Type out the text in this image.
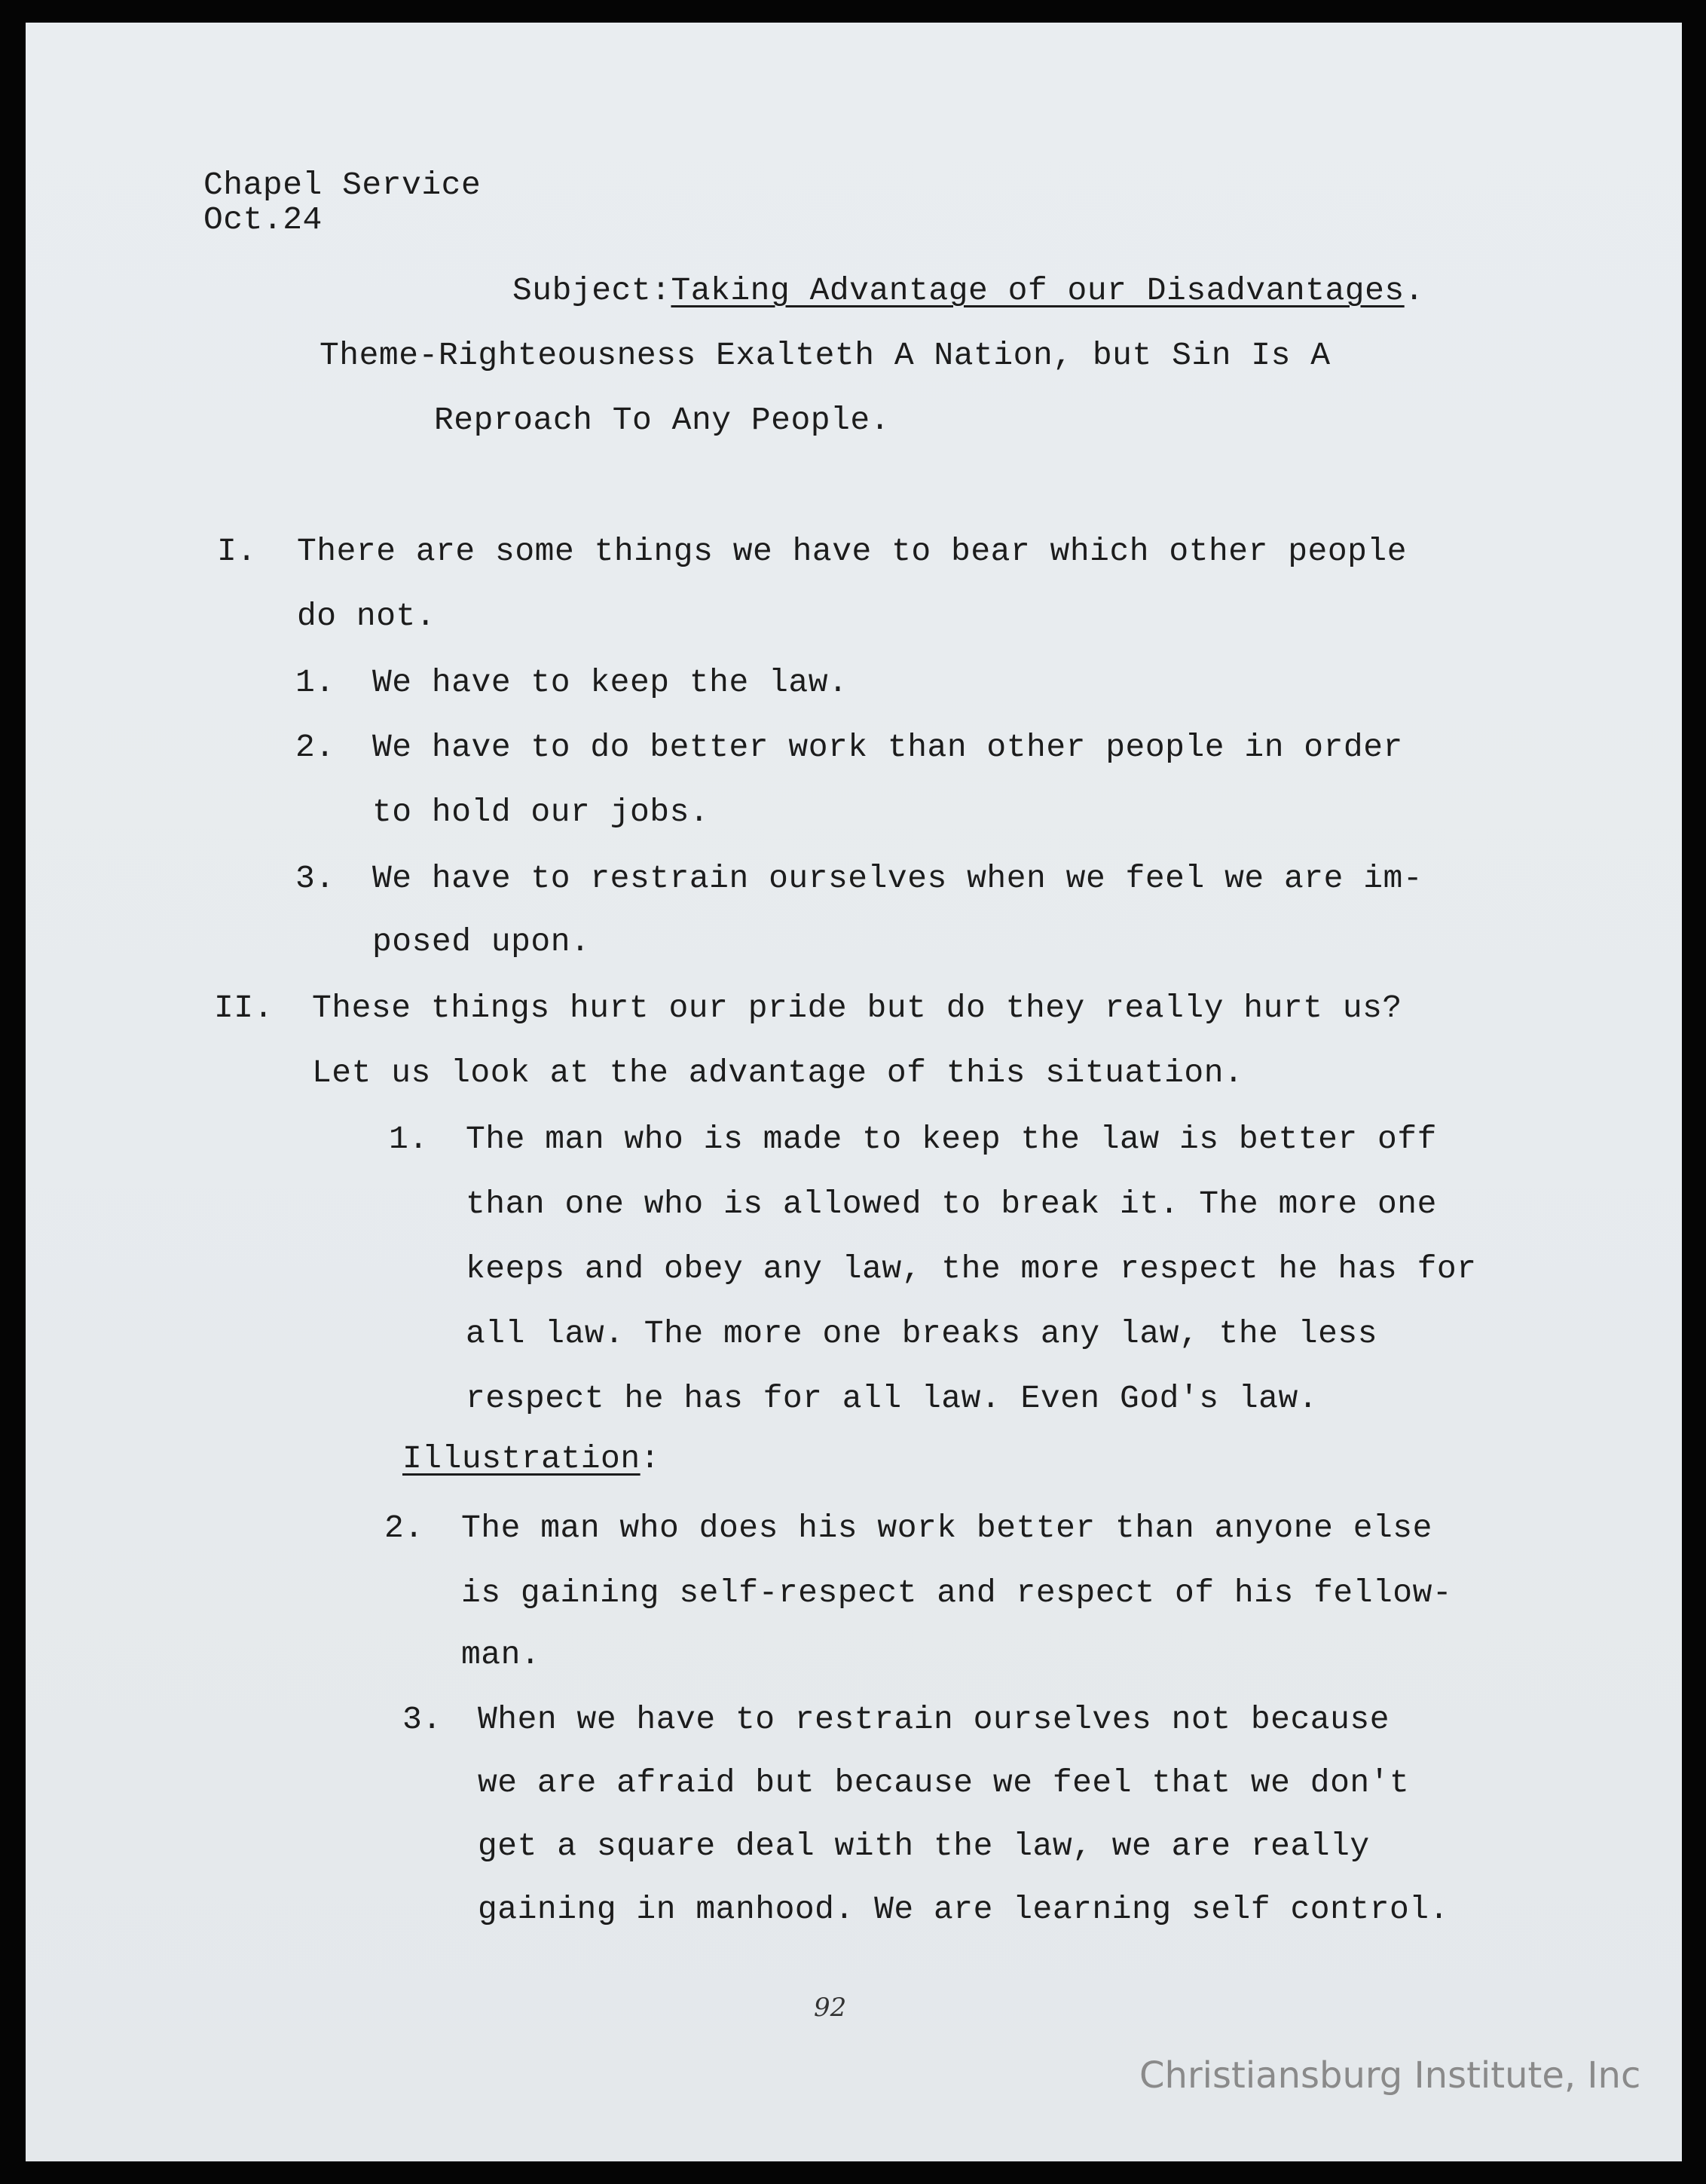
Chapel Service
Oct.24
Subject:Taking Advantage of our Disadvantages.
Theme-Righteousness Exalteth A Nation, but Sin Is A
Reproach To Any People.
I. There are some things we have to bear which other people
do not.
1. We have to keep the law.
2. We have to do better work than other people in order
to hold our jobs.
3. We have to restrain ourselves when we feel we are im-
posed upon.
II. These things hurt our pride but do they really hurt us?
Let us look at the advantage of this situation.
1. The man who is made to keep the law is better off
than one who is allowed to break it. The more one
keeps and obey any law, the more respect he has for
all law. The more one breaks any law, the less
respect he has for all law. Even God's law.
Illustration:
2. The man who does his work better than anyone else
is gaining self-respect and respect of his fellow-
man.
3. When we have to restrain ourselves not because
we are afraid but because we feel that we don't
get a square deal with the law, we are really
gaining in manhood. We are learning self control.
92
Christiansburg Institute, Inc
